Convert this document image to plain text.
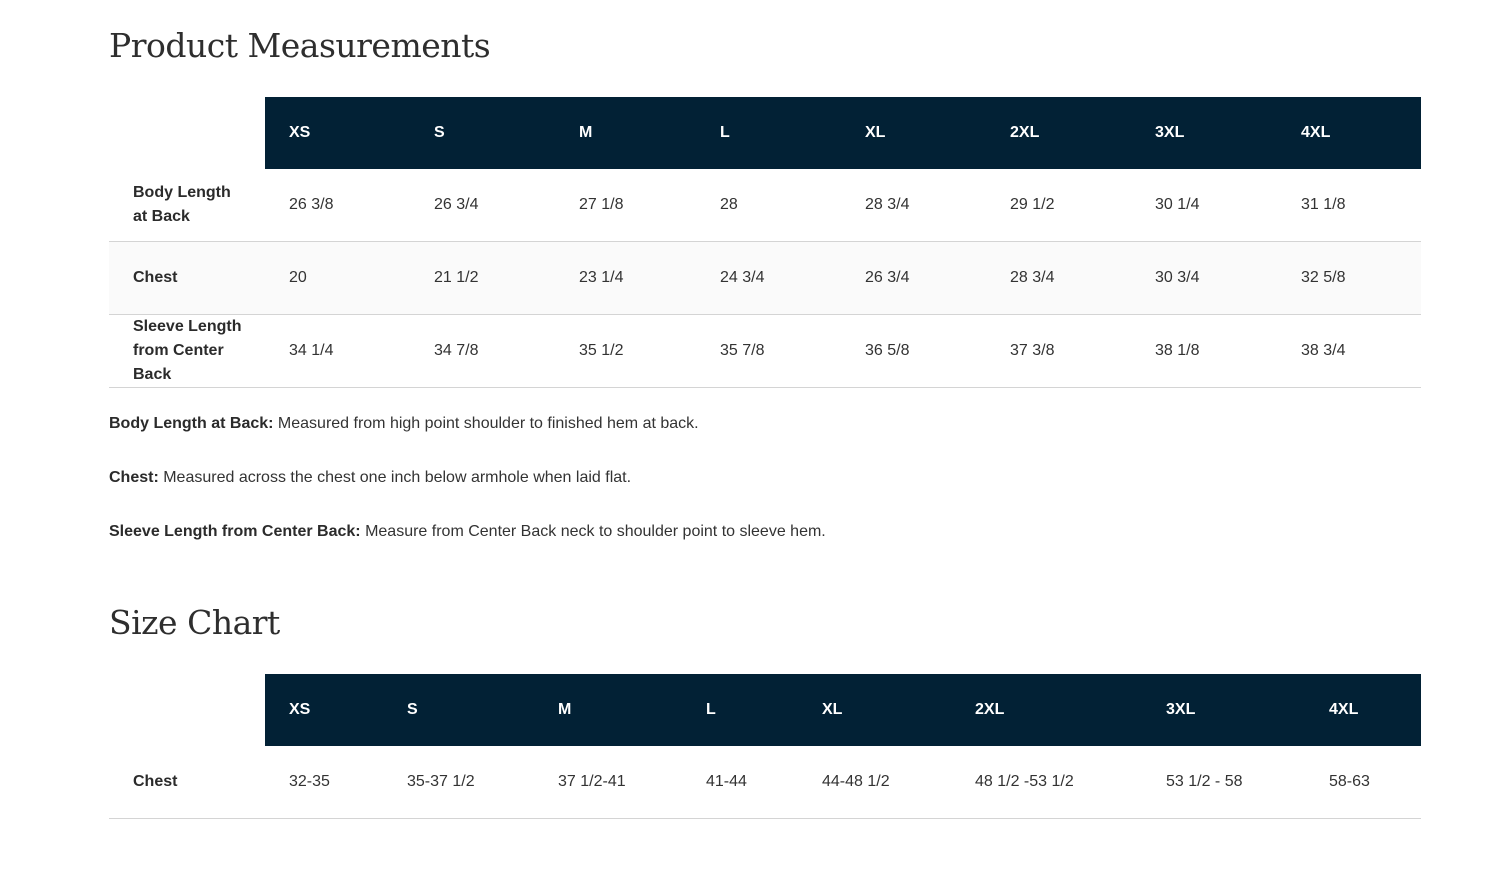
Product Measurements
	XS	S	M	L	XL	2XL	3XL	4XL
Body Length at Back	26 3/8	26 3/4	27 1/8	28	28 3/4	29 1/2	30 1/4	31 1/8
Chest	20	21 1/2	23 1/4	24 3/4	26 3/4	28 3/4	30 3/4	32 5/8
Sleeve Length from Center Back	34 1/4	34 7/8	35 1/2	35 7/8	36 5/8	37 3/8	38 1/8	38 3/4

Body Length at Back: Measured from high point shoulder to finished hem at back.

Chest: Measured across the chest one inch below armhole when laid flat.

Sleeve Length from Center Back: Measure from Center Back neck to shoulder point to sleeve hem.

Size Chart
	XS	S	M	L	XL	2XL	3XL	4XL
Chest	32-35	35-37 1/2	37 1/2-41	41-44	44-48 1/2	48 1/2 -53 1/2	53 1/2 - 58	58-63
